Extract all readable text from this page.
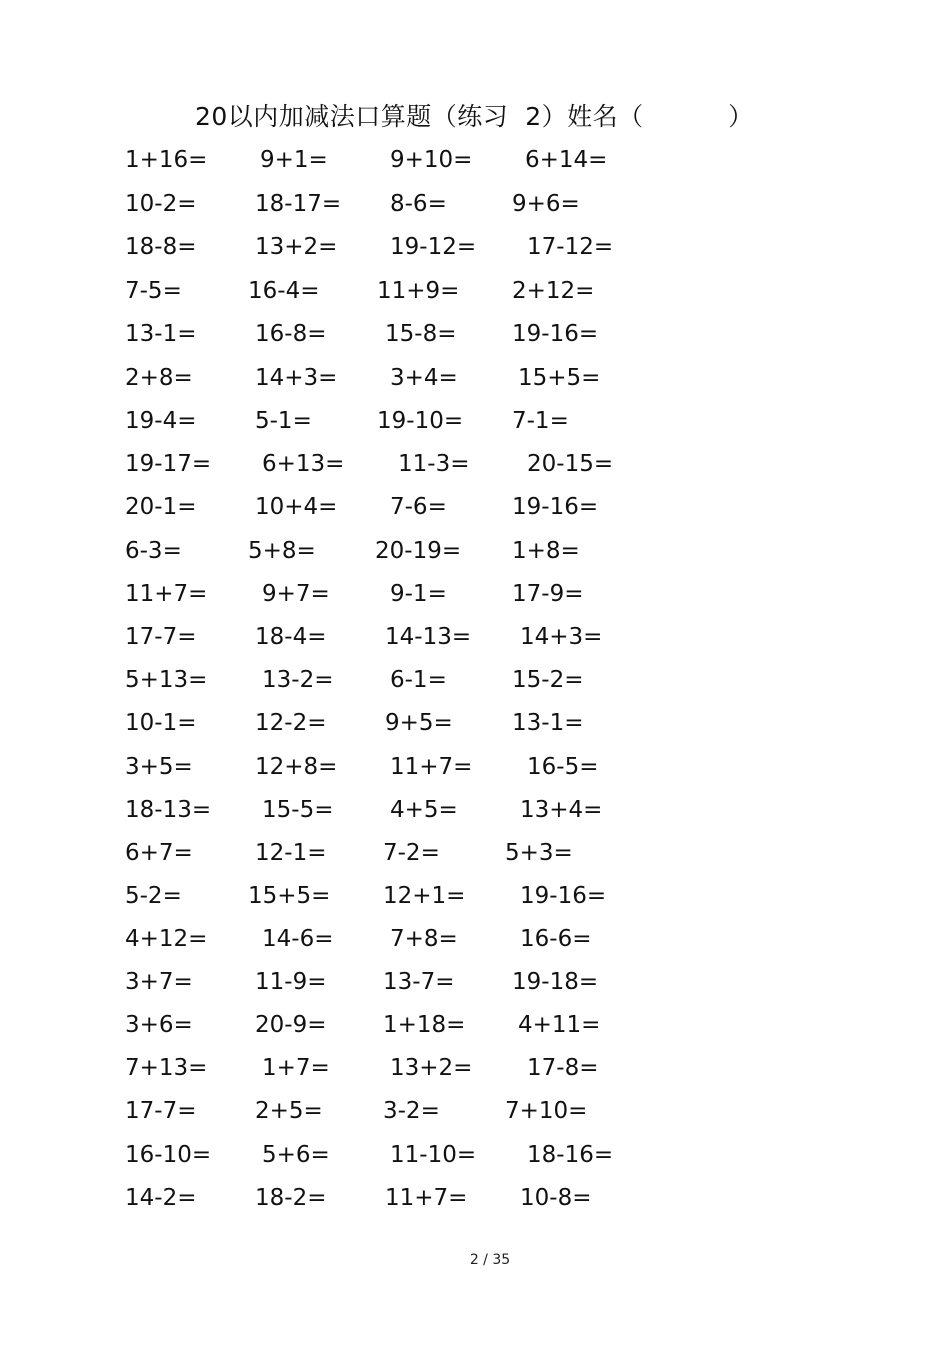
20以内加减法口算题（练习  2）姓名（          ）
1+16= 9+1=	9+10= 6+14=
10-2=	18-17= 8-6=	9+6=
18-8=	13+2= 19-12= 17-12=
7-5=	16-4=	11+9= 2+12=
13-1=	16-8=	15-8= 19-16=
2+8=	14+3= 3+4=	15+5=
19-4=	5-1=	19-10= 7-1=
19-17= 6+13= 11-3=	20-15=
20-1=	10+4= 7-6=	19-16=
6-3=	5+8=	20-19= 1+8=
11+7= 9+7=	9-1=	17-9=
17-7=	18-4=	14-13= 14+3=
5+13= 13-2= 6-1=	15-2=
10-1=	12-2=	9+5=	13-1=
3+5=	12+8= 11+7= 16-5=
18-13= 15-5= 4+5=	13+4=
6+7=	12-1= 7-2=	5+3=
5-2=	15+5= 12+1= 19-16=
4+12= 14-6= 7+8=	16-6=
3+7=	11-9= 13-7=	19-18=
3+6=	20-9= 1+18= 4+11=
7+13= 1+7=	13+2= 17-8=
17-7=	2+5=	3-2=	7+10=
16-10= 5+6=	11-10= 18-16=
14-2=	18-2=	11+7= 10-8=
2 / 35
